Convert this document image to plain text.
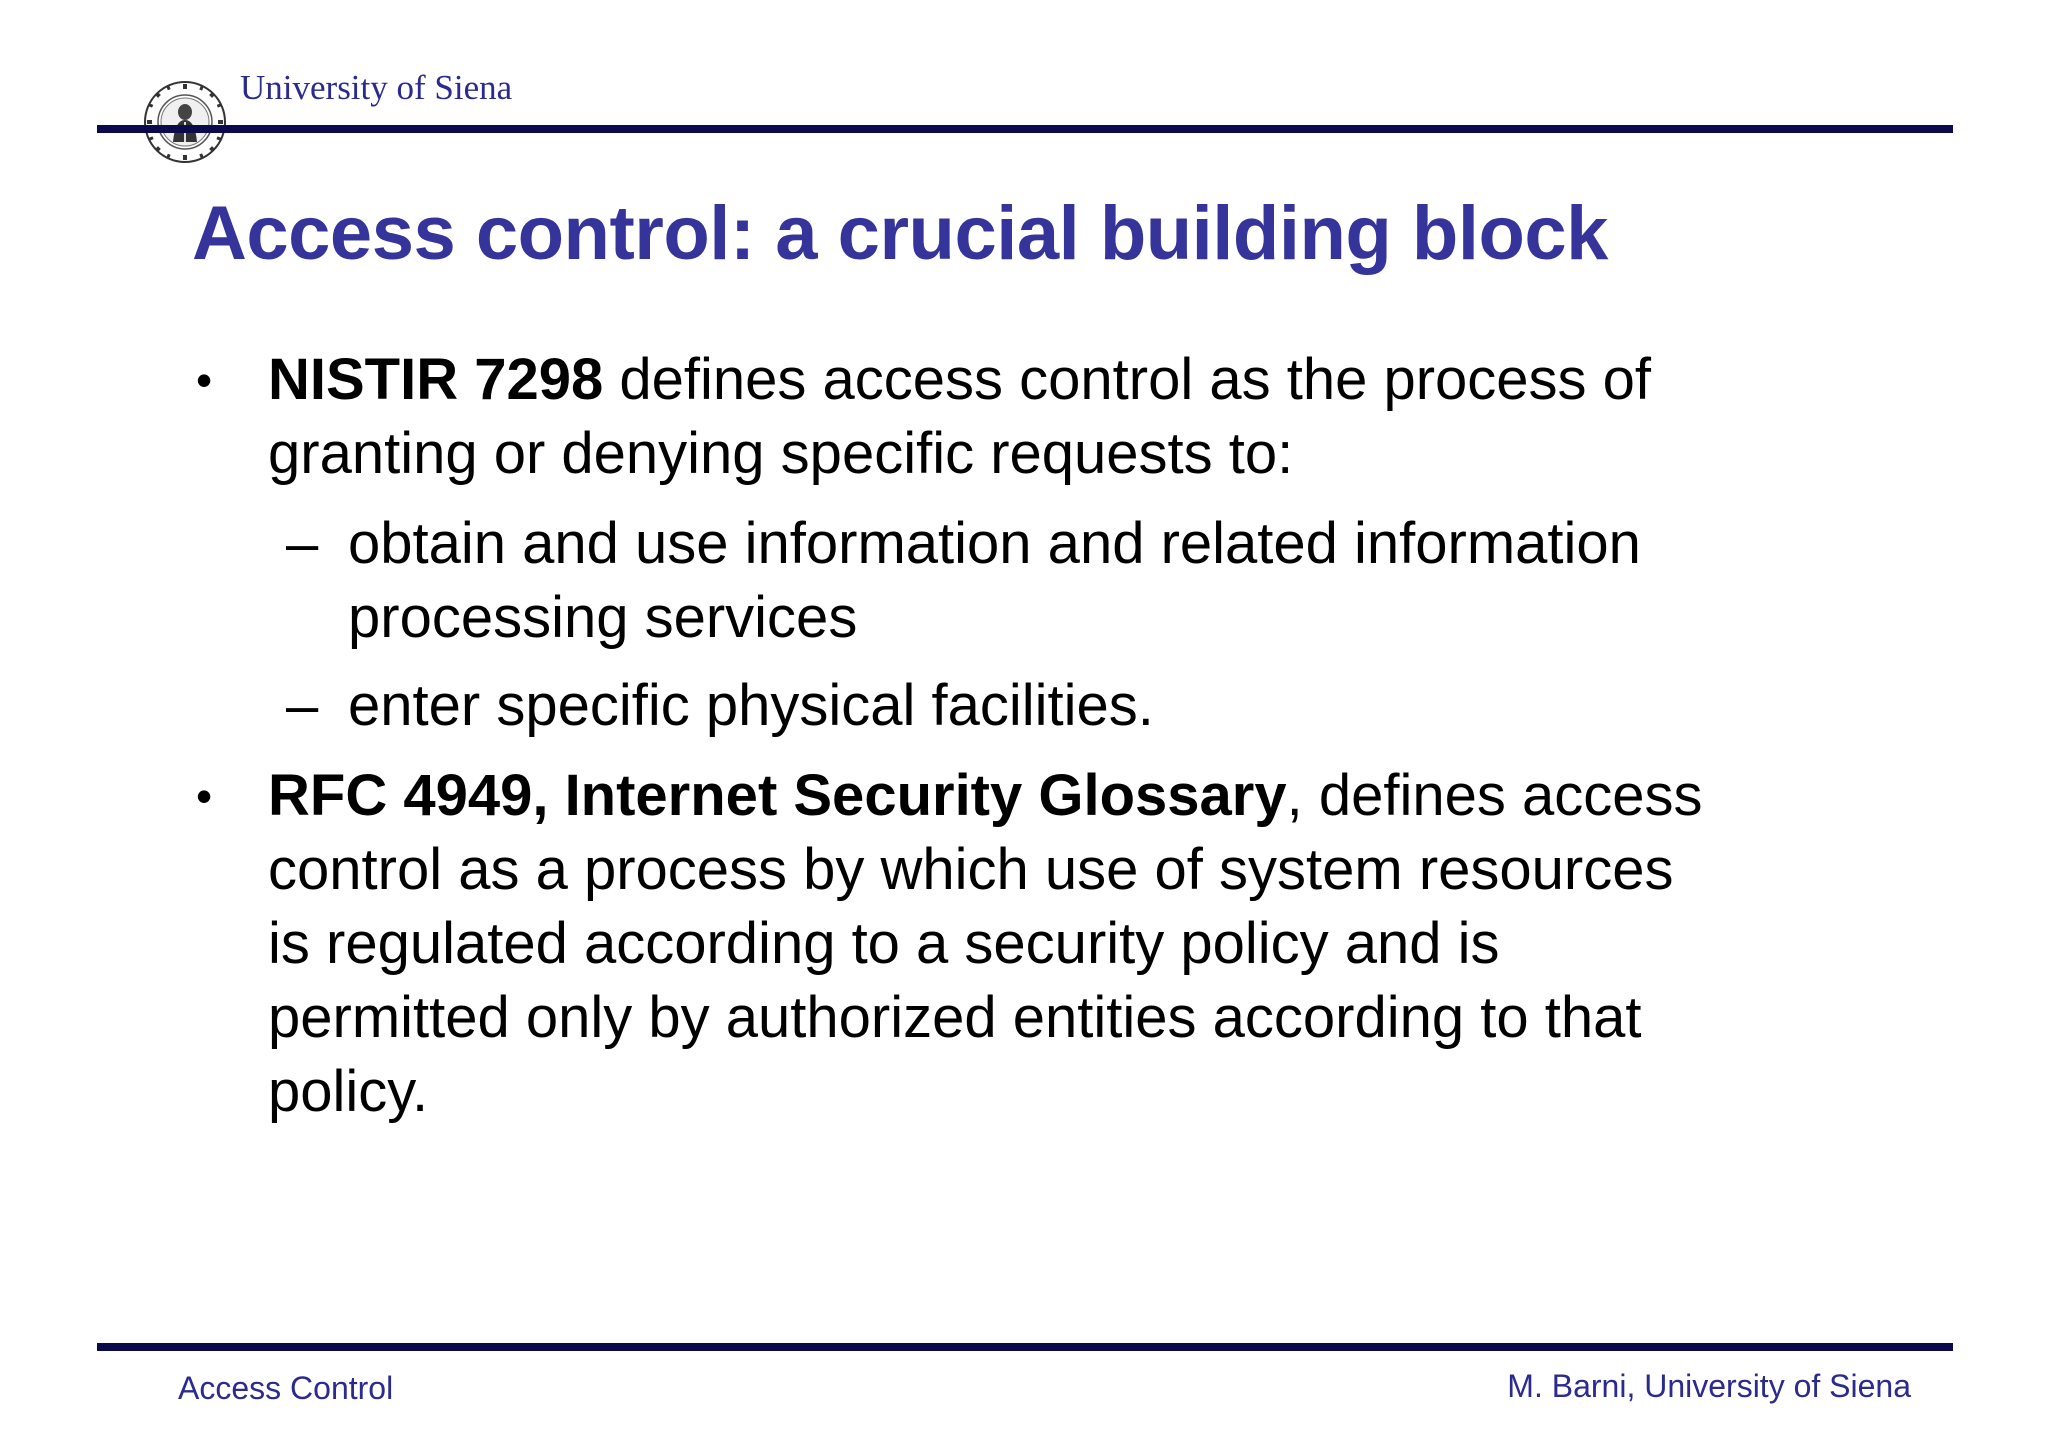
University of Siena
Access control: a crucial building block
• NISTIR 7298 defines access control as the process of
granting or denying specific requests to:
– obtain and use information and related information
processing services
– enter specific physical facilities.
• RFC 4949, Internet Security Glossary, defines access
control as a process by which use of system resources
is regulated according to a security policy and is
permitted only by authorized entities according to that
policy.
Access Control	M. Barni, University of Siena
